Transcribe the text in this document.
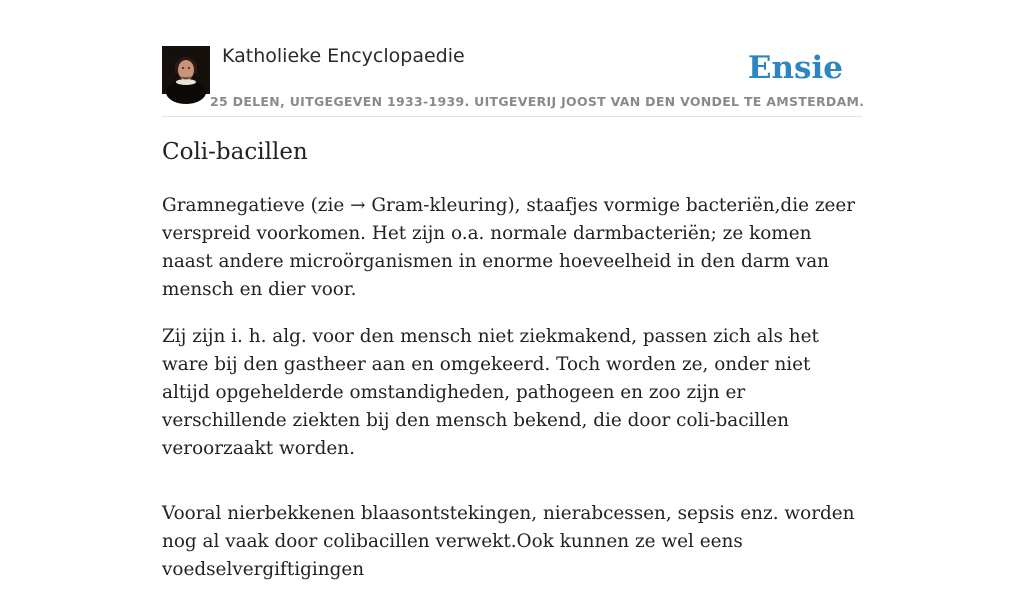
Katholieke Encyclopaedie
25 DELEN, UITGEGEVEN 1933-1939. UITGEVERIJ JOOST VAN DEN VONDEL TE AMSTERDAM.
Ensie
Coli-bacillen

Gramnegatieve (zie → Gram-kleuring), staafjes vormige bacteriën,die zeer verspreid voorkomen. Het zijn o.a. normale darmbacteriën; ze komen naast andere microörganismen in enorme hoeveelheid in den darm van mensch en dier voor.

Zij zijn i. h. alg. voor den mensch niet ziekmakend, passen zich als het ware bij den gastheer aan en omgekeerd. Toch worden ze, onder niet altijd opgehelderde omstandigheden, pathogeen en zoo zijn er verschillende ziekten bij den mensch bekend, die door coli-bacillen veroorzaakt worden.

Vooral nierbekkenen blaasontstekingen, nierabcessen, sepsis enz. worden nog al vaak door colibacillen verwekt.Ook kunnen ze wel eens voedselvergiftigingen
